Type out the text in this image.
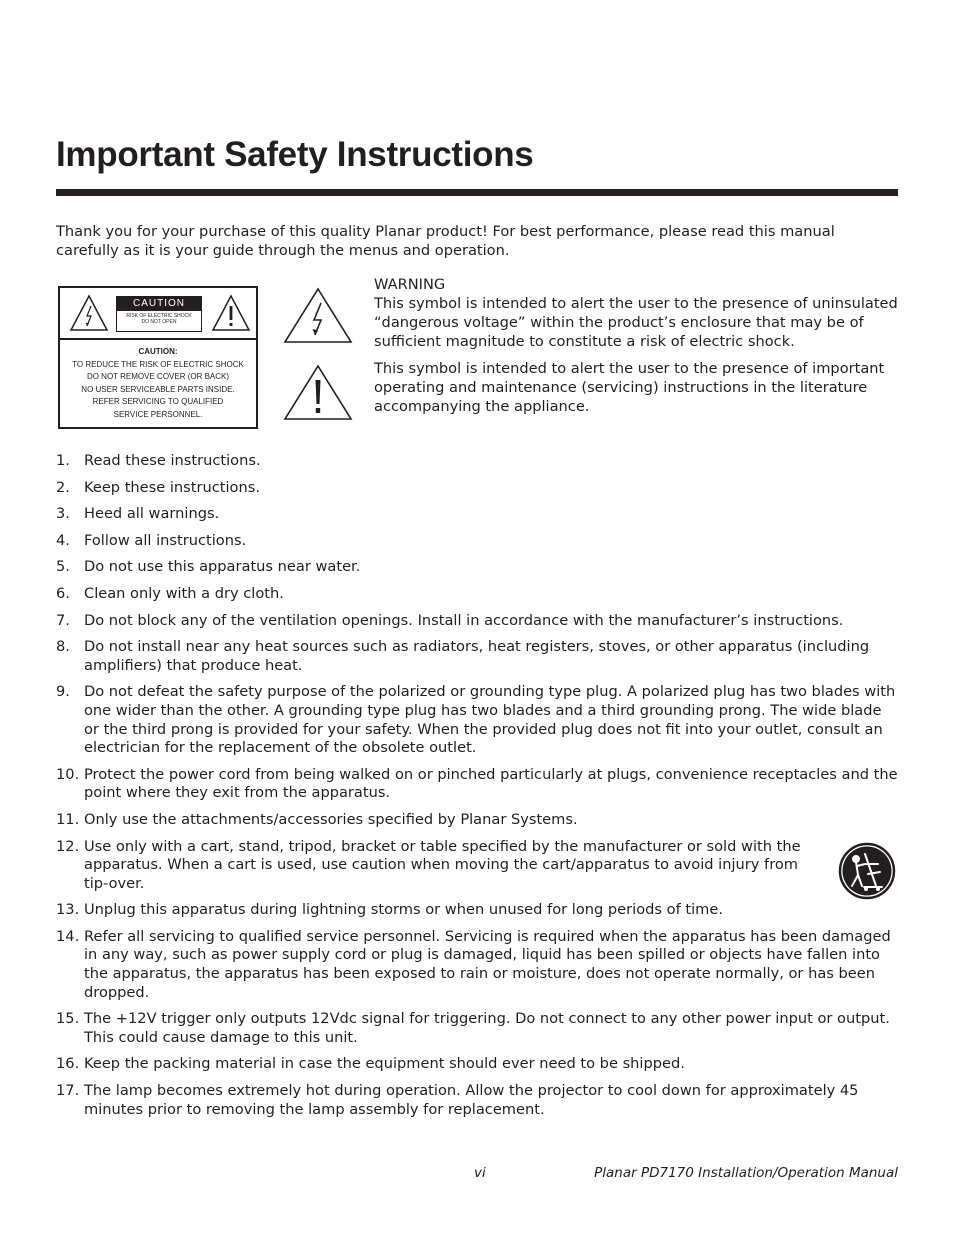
Important Safety Instructions

Thank you for your purchase of this quality Planar product! For best performance, please read this manual carefully as it is your guide through the menus and operation.

CAUTION
RISK OF ELECTRIC SHOCK
DO NOT OPEN
CAUTION:
TO REDUCE THE RISK OF ELECTRIC SHOCK
DO NOT REMOVE COVER (OR BACK)
NO USER SERVICEABLE PARTS INSIDE.
REFER SERVICING TO QUALIFIED
SERVICE PERSONNEL.

WARNING

This symbol is intended to alert the user to the presence of uninsulated “dangerous voltage” within the product’s enclosure that may be of sufficient magnitude to constitute a risk of electric shock.

This symbol is intended to alert the user to the presence of important operating and maintenance (servicing) instructions in the literature accompanying the appliance.

1. Read these instructions.
2. Keep these instructions.
3. Heed all warnings.
4. Follow all instructions.
5. Do not use this apparatus near water.
6. Clean only with a dry cloth.
7. Do not block any of the ventilation openings. Install in accordance with the manufacturer’s instructions.
8. Do not install near any heat sources such as radiators, heat registers, stoves, or other apparatus (including amplifiers) that produce heat.
9. Do not defeat the safety purpose of the polarized or grounding type plug. A polarized plug has two blades with one wider than the other. A grounding type plug has two blades and a third grounding prong. The wide blade or the third prong is provided for your safety. When the provided plug does not fit into your outlet, consult an electrician for the replacement of the obsolete outlet.
10. Protect the power cord from being walked on or pinched particularly at plugs, convenience receptacles and the point where they exit from the apparatus.
11. Only use the attachments/accessories specified by Planar Systems.
12. Use only with a cart, stand, tripod, bracket or table specified by the manufacturer or sold with the apparatus. When a cart is used, use caution when moving the cart/apparatus to avoid injury from tip-over.
13. Unplug this apparatus during lightning storms or when unused for long periods of time.
14. Refer all servicing to qualified service personnel. Servicing is required when the apparatus has been damaged in any way, such as power supply cord or plug is damaged, liquid has been spilled or objects have fallen into the apparatus, the apparatus has been exposed to rain or moisture, does not operate normally, or has been dropped.
15. The +12V trigger only outputs 12Vdc signal for triggering. Do not connect to any other power input or output. This could cause damage to this unit.
16. Keep the packing material in case the equipment should ever need to be shipped.
17. The lamp becomes extremely hot during operation. Allow the projector to cool down for approximately 45 minutes prior to removing the lamp assembly for replacement.
vi	Planar PD7170 Installation/Operation Manual
